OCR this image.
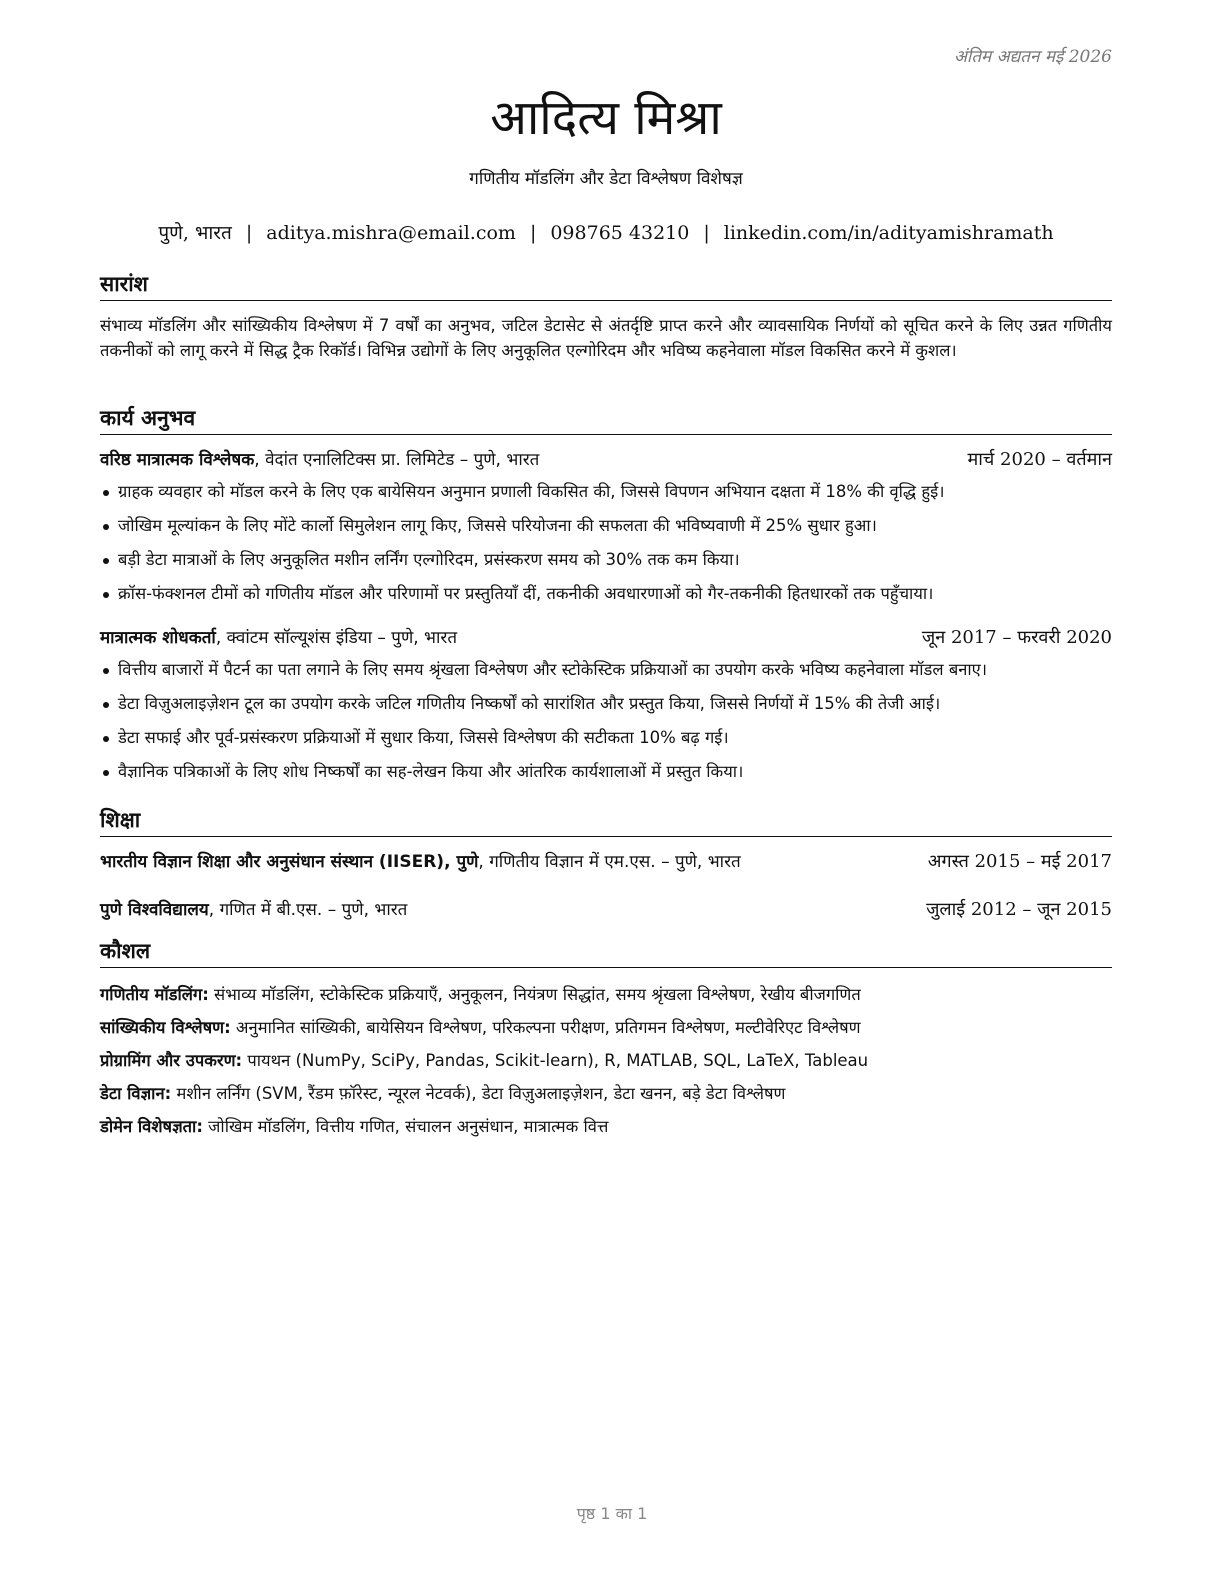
अंतिम अद्यतन मई 2026
आदित्य मिश्रा
गणितीय मॉडलिंग और डेटा विश्लेषण विशेषज्ञ
पुणे, भारत | aditya.mishra@email.com | 098765 43210 | linkedin.com/in/adityamishramath
सारांश

संभाव्य मॉडलिंग और सांख्यिकीय विश्लेषण में 7 वर्षों का अनुभव, जटिल डेटासेट से अंतर्दृष्टि प्राप्त करने और व्यावसायिक निर्णयों को सूचित करने के लिए उन्नत गणितीय तकनीकों को लागू करने में सिद्ध ट्रैक रिकॉर्ड। विभिन्न उद्योगों के लिए अनुकूलित एल्गोरिदम और भविष्य कहनेवाला मॉडल विकसित करने में कुशल।

कार्य अनुभव
वरिष्ठ मात्रात्मक विश्लेषक, वेदांत एनालिटिक्स प्रा. लिमिटेड – पुणे, भारत	मार्च 2020 – वर्तमान
ग्राहक व्यवहार को मॉडल करने के लिए एक बायेसियन अनुमान प्रणाली विकसित की, जिससे विपणन अभियान दक्षता में 18% की वृद्धि हुई।
जोखिम मूल्यांकन के लिए मोंटे कार्लो सिमुलेशन लागू किए, जिससे परियोजना की सफलता की भविष्यवाणी में 25% सुधार हुआ।
बड़ी डेटा मात्राओं के लिए अनुकूलित मशीन लर्निंग एल्गोरिदम, प्रसंस्करण समय को 30% तक कम किया।
क्रॉस-फंक्शनल टीमों को गणितीय मॉडल और परिणामों पर प्रस्तुतियाँ दीं, तकनीकी अवधारणाओं को गैर-तकनीकी हितधारकों तक पहुँचाया।
मात्रात्मक शोधकर्ता, क्वांटम सॉल्यूशंस इंडिया – पुणे, भारत	जून 2017 – फरवरी 2020
वित्तीय बाजारों में पैटर्न का पता लगाने के लिए समय श्रृंखला विश्लेषण और स्टोकेस्टिक प्रक्रियाओं का उपयोग करके भविष्य कहनेवाला मॉडल बनाए।
डेटा विज़ुअलाइज़ेशन टूल का उपयोग करके जटिल गणितीय निष्कर्षों को सारांशित और प्रस्तुत किया, जिससे निर्णयों में 15% की तेजी आई।
डेटा सफाई और पूर्व-प्रसंस्करण प्रक्रियाओं में सुधार किया, जिससे विश्लेषण की सटीकता 10% बढ़ गई।
वैज्ञानिक पत्रिकाओं के लिए शोध निष्कर्षों का सह-लेखन किया और आंतरिक कार्यशालाओं में प्रस्तुत किया।
शिक्षा
भारतीय विज्ञान शिक्षा और अनुसंधान संस्थान (IISER), पुणे, गणितीय विज्ञान में एम.एस. – पुणे, भारत	अगस्त 2015 – मई 2017
पुणे विश्वविद्यालय, गणित में बी.एस. – पुणे, भारत	जुलाई 2012 – जून 2015
कौशल
गणितीय मॉडलिंग: संभाव्य मॉडलिंग, स्टोकेस्टिक प्रक्रियाएँ, अनुकूलन, नियंत्रण सिद्धांत, समय श्रृंखला विश्लेषण, रेखीय बीजगणित
सांख्यिकीय विश्लेषण: अनुमानित सांख्यिकी, बायेसियन विश्लेषण, परिकल्पना परीक्षण, प्रतिगमन विश्लेषण, मल्टीवेरिएट विश्लेषण
प्रोग्रामिंग और उपकरण: पायथन (NumPy, SciPy, Pandas, Scikit-learn), R, MATLAB, SQL, LaTeX, Tableau
डेटा विज्ञान: मशीन लर्निंग (SVM, रैंडम फ़ॉरेस्ट, न्यूरल नेटवर्क), डेटा विज़ुअलाइज़ेशन, डेटा खनन, बड़े डेटा विश्लेषण
डोमेन विशेषज्ञता: जोखिम मॉडलिंग, वित्तीय गणित, संचालन अनुसंधान, मात्रात्मक वित्त
पृष्ठ 1 का 1
